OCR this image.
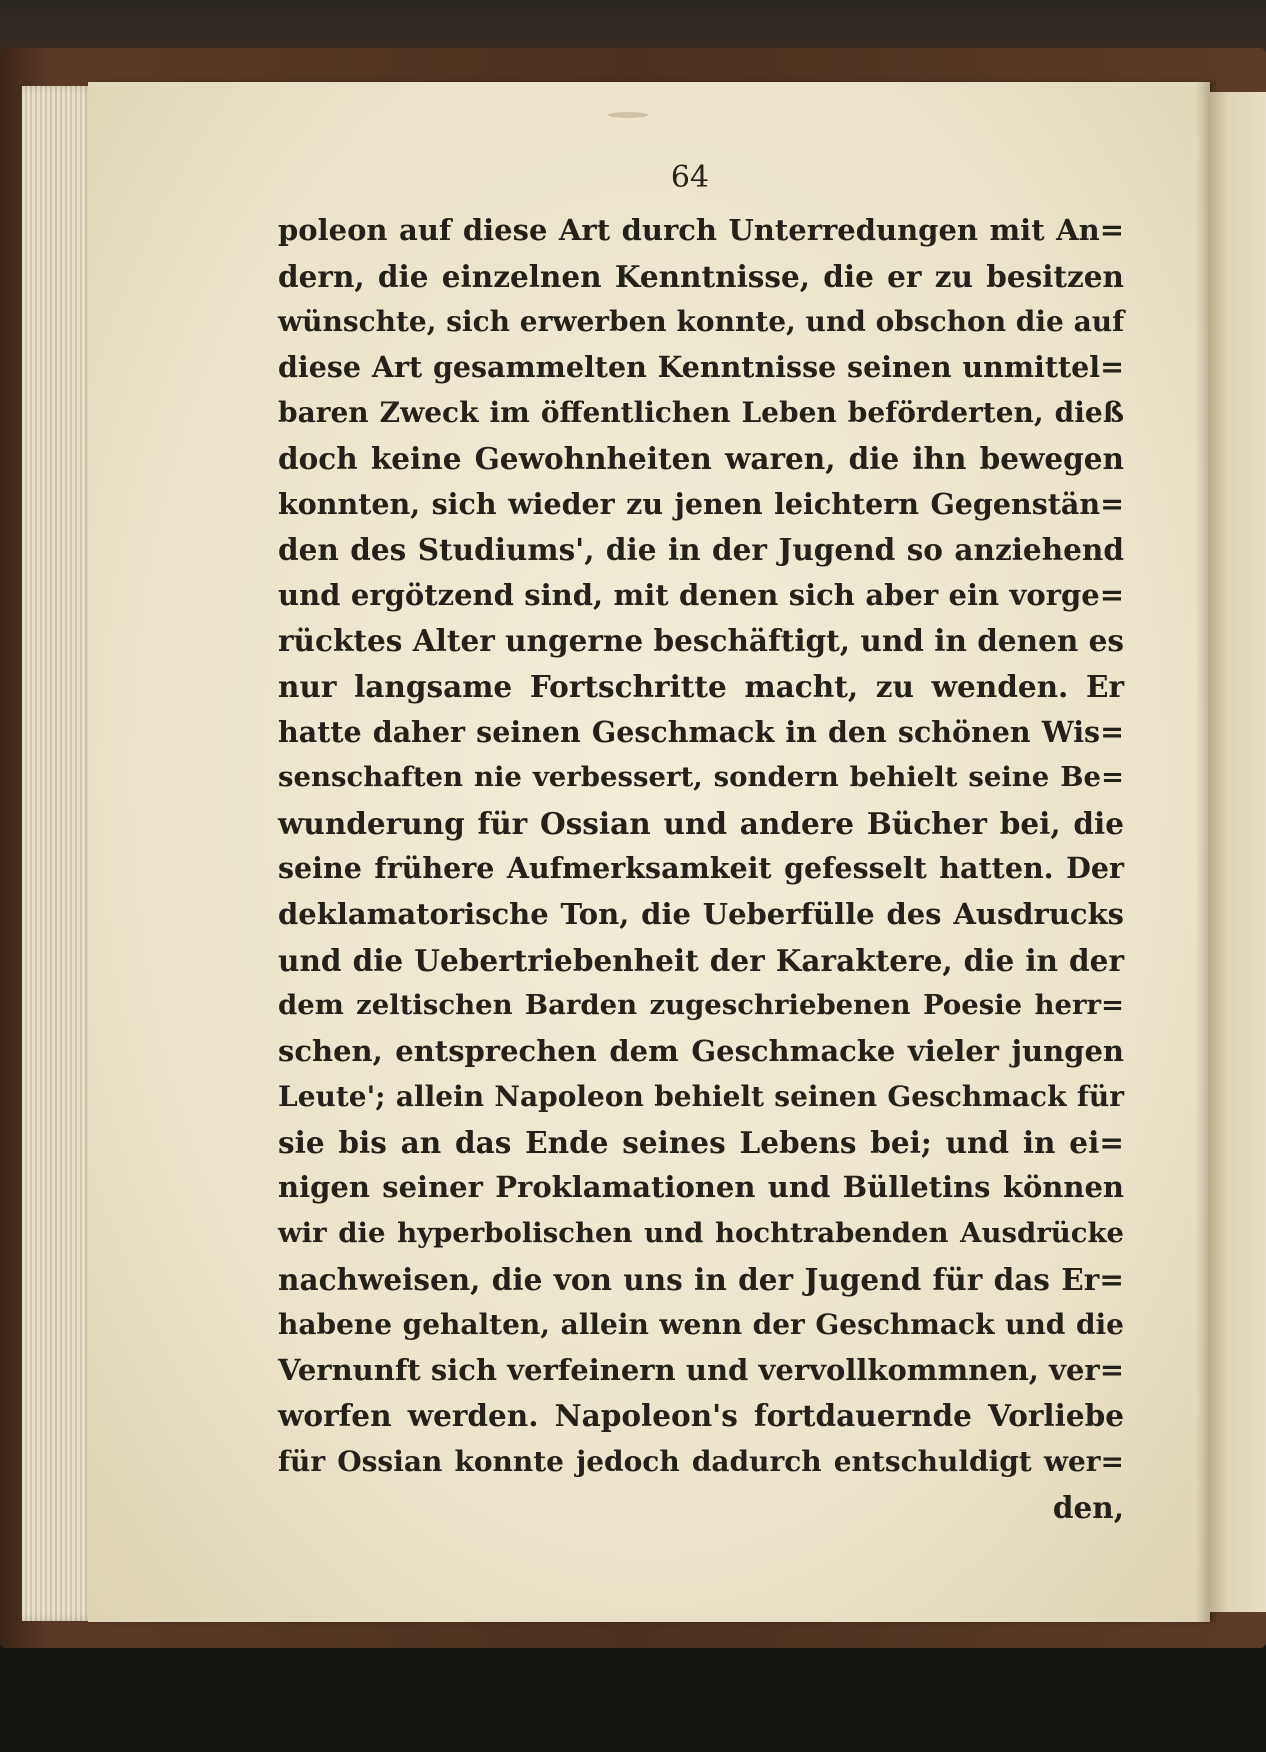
64

poleon auf diese Art durch Unterredungen mit An=
dern, die einzelnen Kenntnisse, die er zu besitzen
wünschte, sich erwerben konnte, und obschon die auf
diese Art gesammelten Kenntnisse seinen unmittel=
baren Zweck im öffentlichen Leben beförderten, dieß
doch keine Gewohnheiten waren, die ihn bewegen
konnten, sich wieder zu jenen leichtern Gegenstän=
den des Studiums', die in der Jugend so anziehend
und ergötzend sind, mit denen sich aber ein vorge=
rücktes Alter ungerne beschäftigt, und in denen es
nur langsame Fortschritte macht, zu wenden. Er
hatte daher seinen Geschmack in den schönen Wis=
senschaften nie verbessert, sondern behielt seine Be=
wunderung für Ossian und andere Bücher bei, die
seine frühere Aufmerksamkeit gefesselt hatten. Der
deklamatorische Ton, die Ueberfülle des Ausdrucks
und die Uebertriebenheit der Karaktere, die in der
dem zeltischen Barden zugeschriebenen Poesie herr=
schen, entsprechen dem Geschmacke vieler jungen
Leute'; allein Napoleon behielt seinen Geschmack für
sie bis an das Ende seines Lebens bei; und in ei=
nigen seiner Proklamationen und Bülletins können
wir die hyperbolischen und hochtrabenden Ausdrücke
nachweisen, die von uns in der Jugend für das Er=
habene gehalten, allein wenn der Geschmack und die
Vernunft sich verfeinern und vervollkommnen, ver=
worfen werden. Napoleon's fortdauernde Vorliebe
für Ossian konnte jedoch dadurch entschuldigt wer=
den,
